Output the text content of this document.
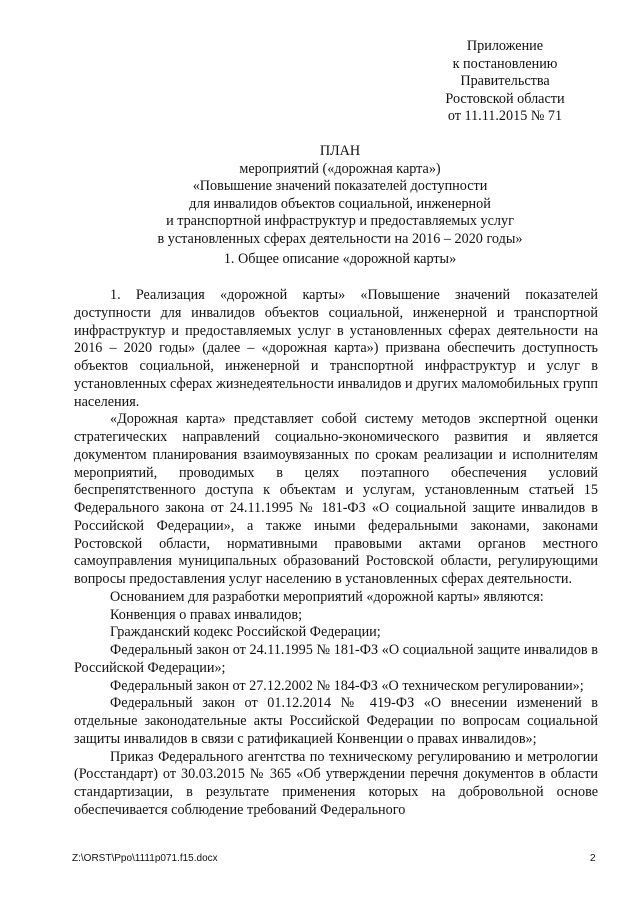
Приложение
к постановлению
Правительства
Ростовской области
от 11.11.2015 № 71
ПЛАН
мероприятий («дорожная карта»)
«Повышение значений показателей доступности
для инвалидов объектов социальной, инженерной
и транспортной инфраструктур и предоставляемых услуг
в установленных сферах деятельности на 2016 – 2020 годы»
1. Общее описание «дорожной карты»

1. Реализация «дорожной карты» «Повышение значений показателей доступности для инвалидов объектов социальной, инженерной и транспортной инфраструктур и предоставляемых услуг в установленных сферах деятельности на 2016 – 2020 годы» (далее – «дорожная карта») призвана обеспечить доступность объектов социальной, инженерной и транспортной инфраструктур и услуг в установленных сферах жизнедеятельности инвалидов и других маломобильных групп населения.

«Дорожная карта» представляет собой систему методов экспертной оценки стратегических направлений социально-экономического развития и является документом планирования взаимоувязанных по срокам реализации и исполнителям мероприятий, проводимых в целях поэтапного обеспечения условий беспрепятственного доступа к объектам и услугам, установленным статьей 15 Федерального закона от 24.11.1995 № 181-ФЗ «О социальной защите инвалидов в Российской Федерации», а также иными федеральными законами, законами Ростовской области, нормативными правовыми актами органов местного самоуправления муниципальных образований Ростовской области, регулирующими вопросы предоставления услуг населению в установленных сферах деятельности.

Основанием для разработки мероприятий «дорожной карты» являются:

Конвенция о правах инвалидов;

Гражданский кодекс Российской Федерации;

Федеральный закон от 24.11.1995 № 181-ФЗ «О социальной защите инвалидов в Российской Федерации»;

Федеральный закон от 27.12.2002 № 184-ФЗ «О техническом регулировании»;

Федеральный закон от 01.12.2014 № 419-ФЗ «О внесении изменений в отдельные законодательные акты Российской Федерации по вопросам социальной защиты инвалидов в связи с ратификацией Конвенции о правах инвалидов»;

Приказ Федерального агентства по техническому регулированию и метрологии (Росстандарт) от 30.03.2015 № 365 «Об утверждении перечня документов в области стандартизации, в результате применения которых на добровольной основе обеспечивается соблюдение требований Федерального

Z:\ORST\Ppo\1111p071.f15.docx	2
